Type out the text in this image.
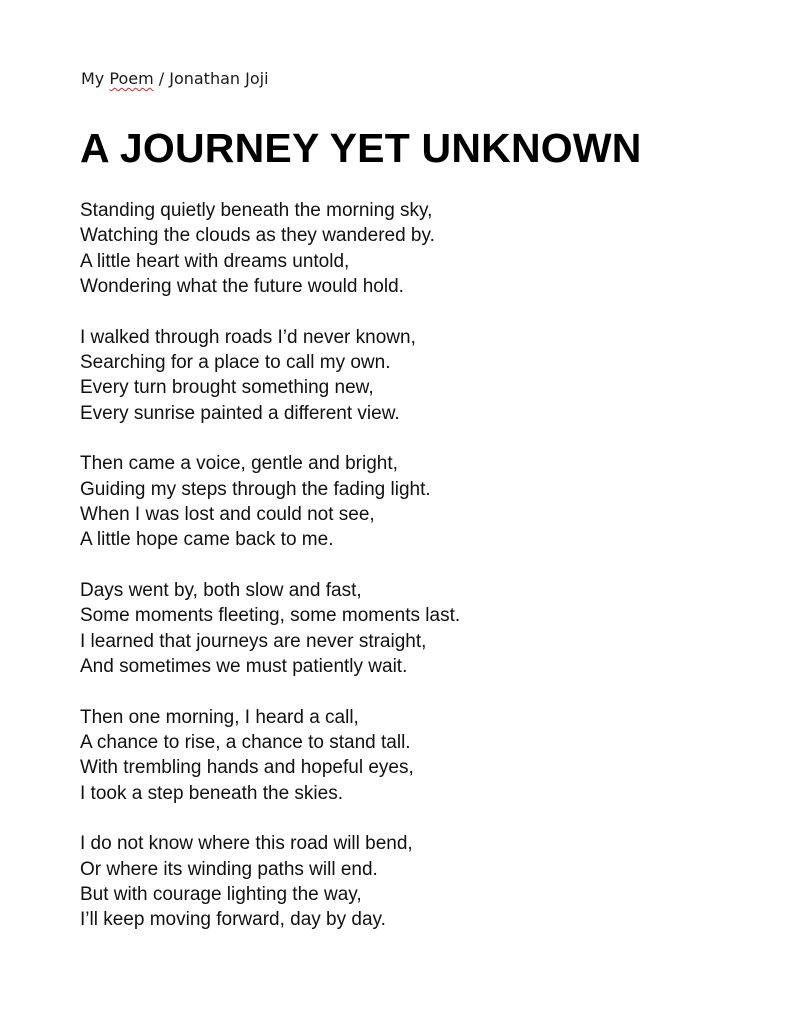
My Poem / Jonathan Joji
A JOURNEY YET UNKNOWN
Standing quietly beneath the morning sky,
Watching the clouds as they wandered by.
A little heart with dreams untold,
Wondering what the future would hold.
I walked through roads I’d never known,
Searching for a place to call my own.
Every turn brought something new,
Every sunrise painted a different view.
Then came a voice, gentle and bright,
Guiding my steps through the fading light.
When I was lost and could not see,
A little hope came back to me.
Days went by, both slow and fast,
Some moments fleeting, some moments last.
I learned that journeys are never straight,
And sometimes we must patiently wait.
Then one morning, I heard a call,
A chance to rise, a chance to stand tall.
With trembling hands and hopeful eyes,
I took a step beneath the skies.
I do not know where this road will bend,
Or where its winding paths will end.
But with courage lighting the way,
I’ll keep moving forward, day by day.
